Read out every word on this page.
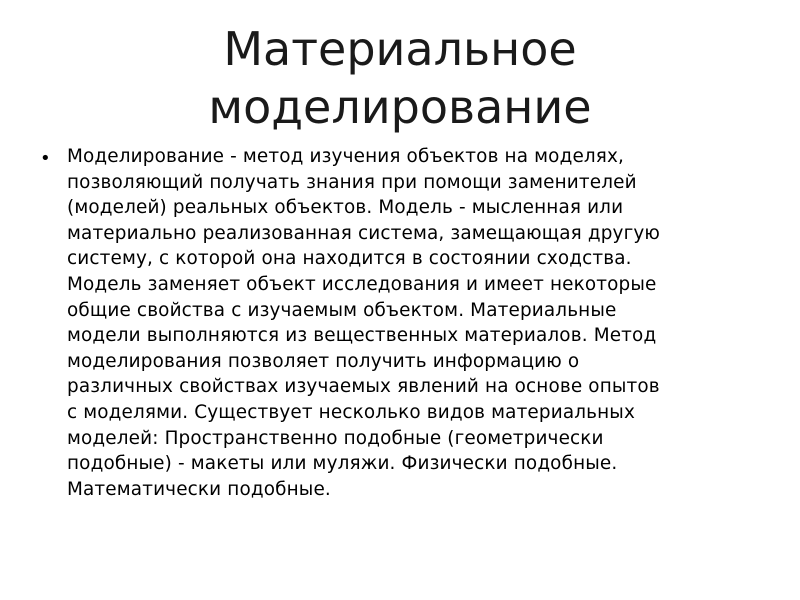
Материальное
моделирование
• Моделирование - метод изучения объектов на моделях,
позволяющий получать знания при помощи заменителей
(моделей) реальных объектов. Модель - мысленная или
материально реализованная система, замещающая другую
систему, с которой она находится в состоянии сходства.
Модель заменяет объект исследования и имеет некоторые
общие свойства с изучаемым объектом. Материальные
модели выполняются из вещественных материалов. Метод
моделирования позволяет получить информацию о
различных свойствах изучаемых явлений на основе опытов
с моделями. Существует несколько видов материальных
моделей: Пространственно подобные (геометрически
подобные) - макеты или муляжи. Физически подобные.
Математически подобные.
